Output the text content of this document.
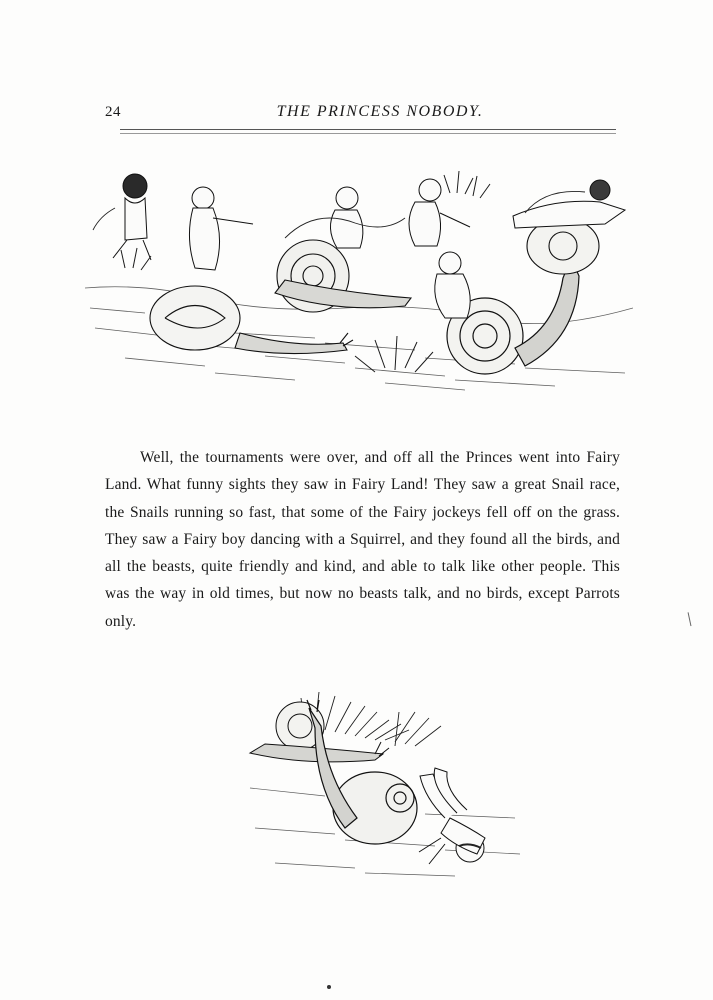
24	THE PRINCESS NOBODY.
Well, the tournaments were over, and off all the Princes went into Fairy Land. What funny sights they saw in Fairy Land! They saw a great Snail race, the Snails running so fast, that some of the Fairy jockeys fell off on the grass. They saw a Fairy boy dancing with a Squirrel, and they found all the birds, and all the beasts, quite friendly and kind, and able to talk like other people. This was the way in old times, but now no beasts talk, and no birds, except Parrots only.
